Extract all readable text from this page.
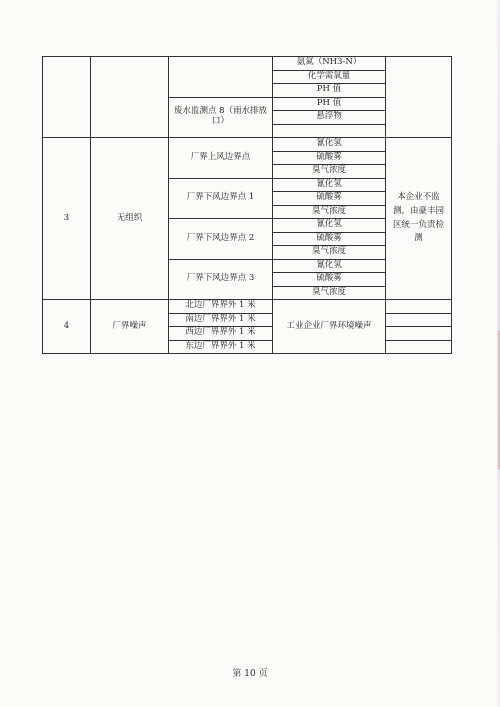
			氨氮（NH3-N）	
			化学需氧量	
			PH 值	
		废水监测点 8（雨水排放口）	PH 值	
			悬浮物	

3	无组织	厂界上风边界点	氰化氢	本企业不监测，由豪丰园区统一负责检测
			硫酸雾	
			臭气浓度	
		厂界下风边界点 1	氰化氢	
			硫酸雾	
			臭气浓度	
		厂界下风边界点 2	氰化氢	
			硫酸雾	
			臭气浓度	
		厂界下风边界点 3	氰化氢	
			硫酸雾	
			臭气浓度	
4	厂界噪声	北边厂界界外 1 米	工业企业厂界环境噪声	
		南边厂界界外 1 米		
		西边厂界界外 1 米		
		东边厂界界外 1 米		
第 10 页
